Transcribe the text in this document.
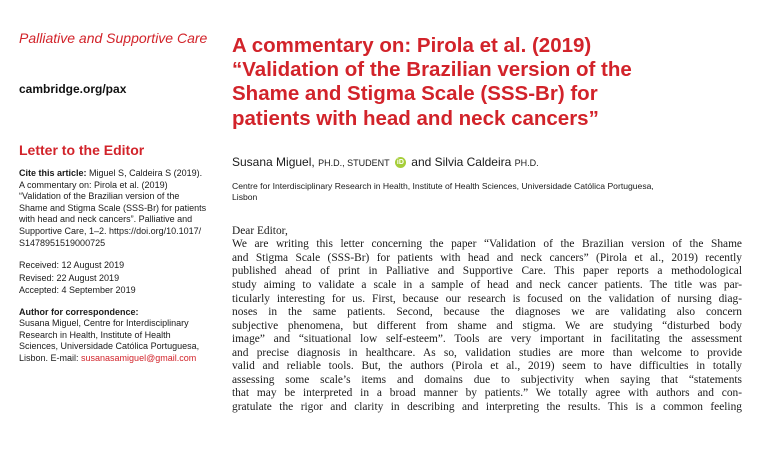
Palliative and Supportive Care

cambridge.org/pax
Letter to the Editor
Cite this article: Miguel S, Caldeira S (2019).
A commentary on: Pirola et al. (2019)
“Validation of the Brazilian version of the
Shame and Stigma Scale (SSS-Br) for patients
with head and neck cancers”. Palliative and
Supportive Care, 1–2. https://doi.org/10.1017/
S1478951519000725
Received: 12 August 2019
Revised: 22 August 2019
Accepted: 4 September 2019
Author for correspondence:
Susana Miguel, Centre for Interdisciplinary
Research in Health, Institute of Health
Sciences, Universidade Católica Portuguesa,
Lisbon. E-mail: susanasamiguel@gmail.com
A commentary on: Pirola et al. (2019)
“Validation of the Brazilian version of the
Shame and Stigma Scale (SSS-Br) for
patients with head and neck cancers”
Susana Miguel, PH.D., STUDENT iD and Silvia Caldeira PH.D.
Centre for Interdisciplinary Research in Health, Institute of Health Sciences, Universidade Católica Portuguesa,
Lisbon
Dear Editor,
We are writing this letter concerning the paper “Validation of the Brazilian version of the Shame
and Stigma Scale (SSS-Br) for patients with head and neck cancers” (Pirola et al., 2019) recently
published ahead of print in Palliative and Supportive Care. This paper reports a methodological
study aiming to validate a scale in a sample of head and neck cancer patients. The title was par-
ticularly interesting for us. First, because our research is focused on the validation of nursing diag-
noses in the same patients. Second, because the diagnoses we are validating also concern
subjective phenomena, but different from shame and stigma. We are studying “disturbed body
image” and “situational low self-esteem”. Tools are very important in facilitating the assessment
and precise diagnosis in healthcare. As so, validation studies are more than welcome to provide
valid and reliable tools. But, the authors (Pirola et al., 2019) seem to have difficulties in totally
assessing some scale’s items and domains due to subjectivity when saying that “statements
that may be interpreted in a broad manner by patients.” We totally agree with authors and con-
gratulate the rigor and clarity in describing and interpreting the results. This is a common feeling
